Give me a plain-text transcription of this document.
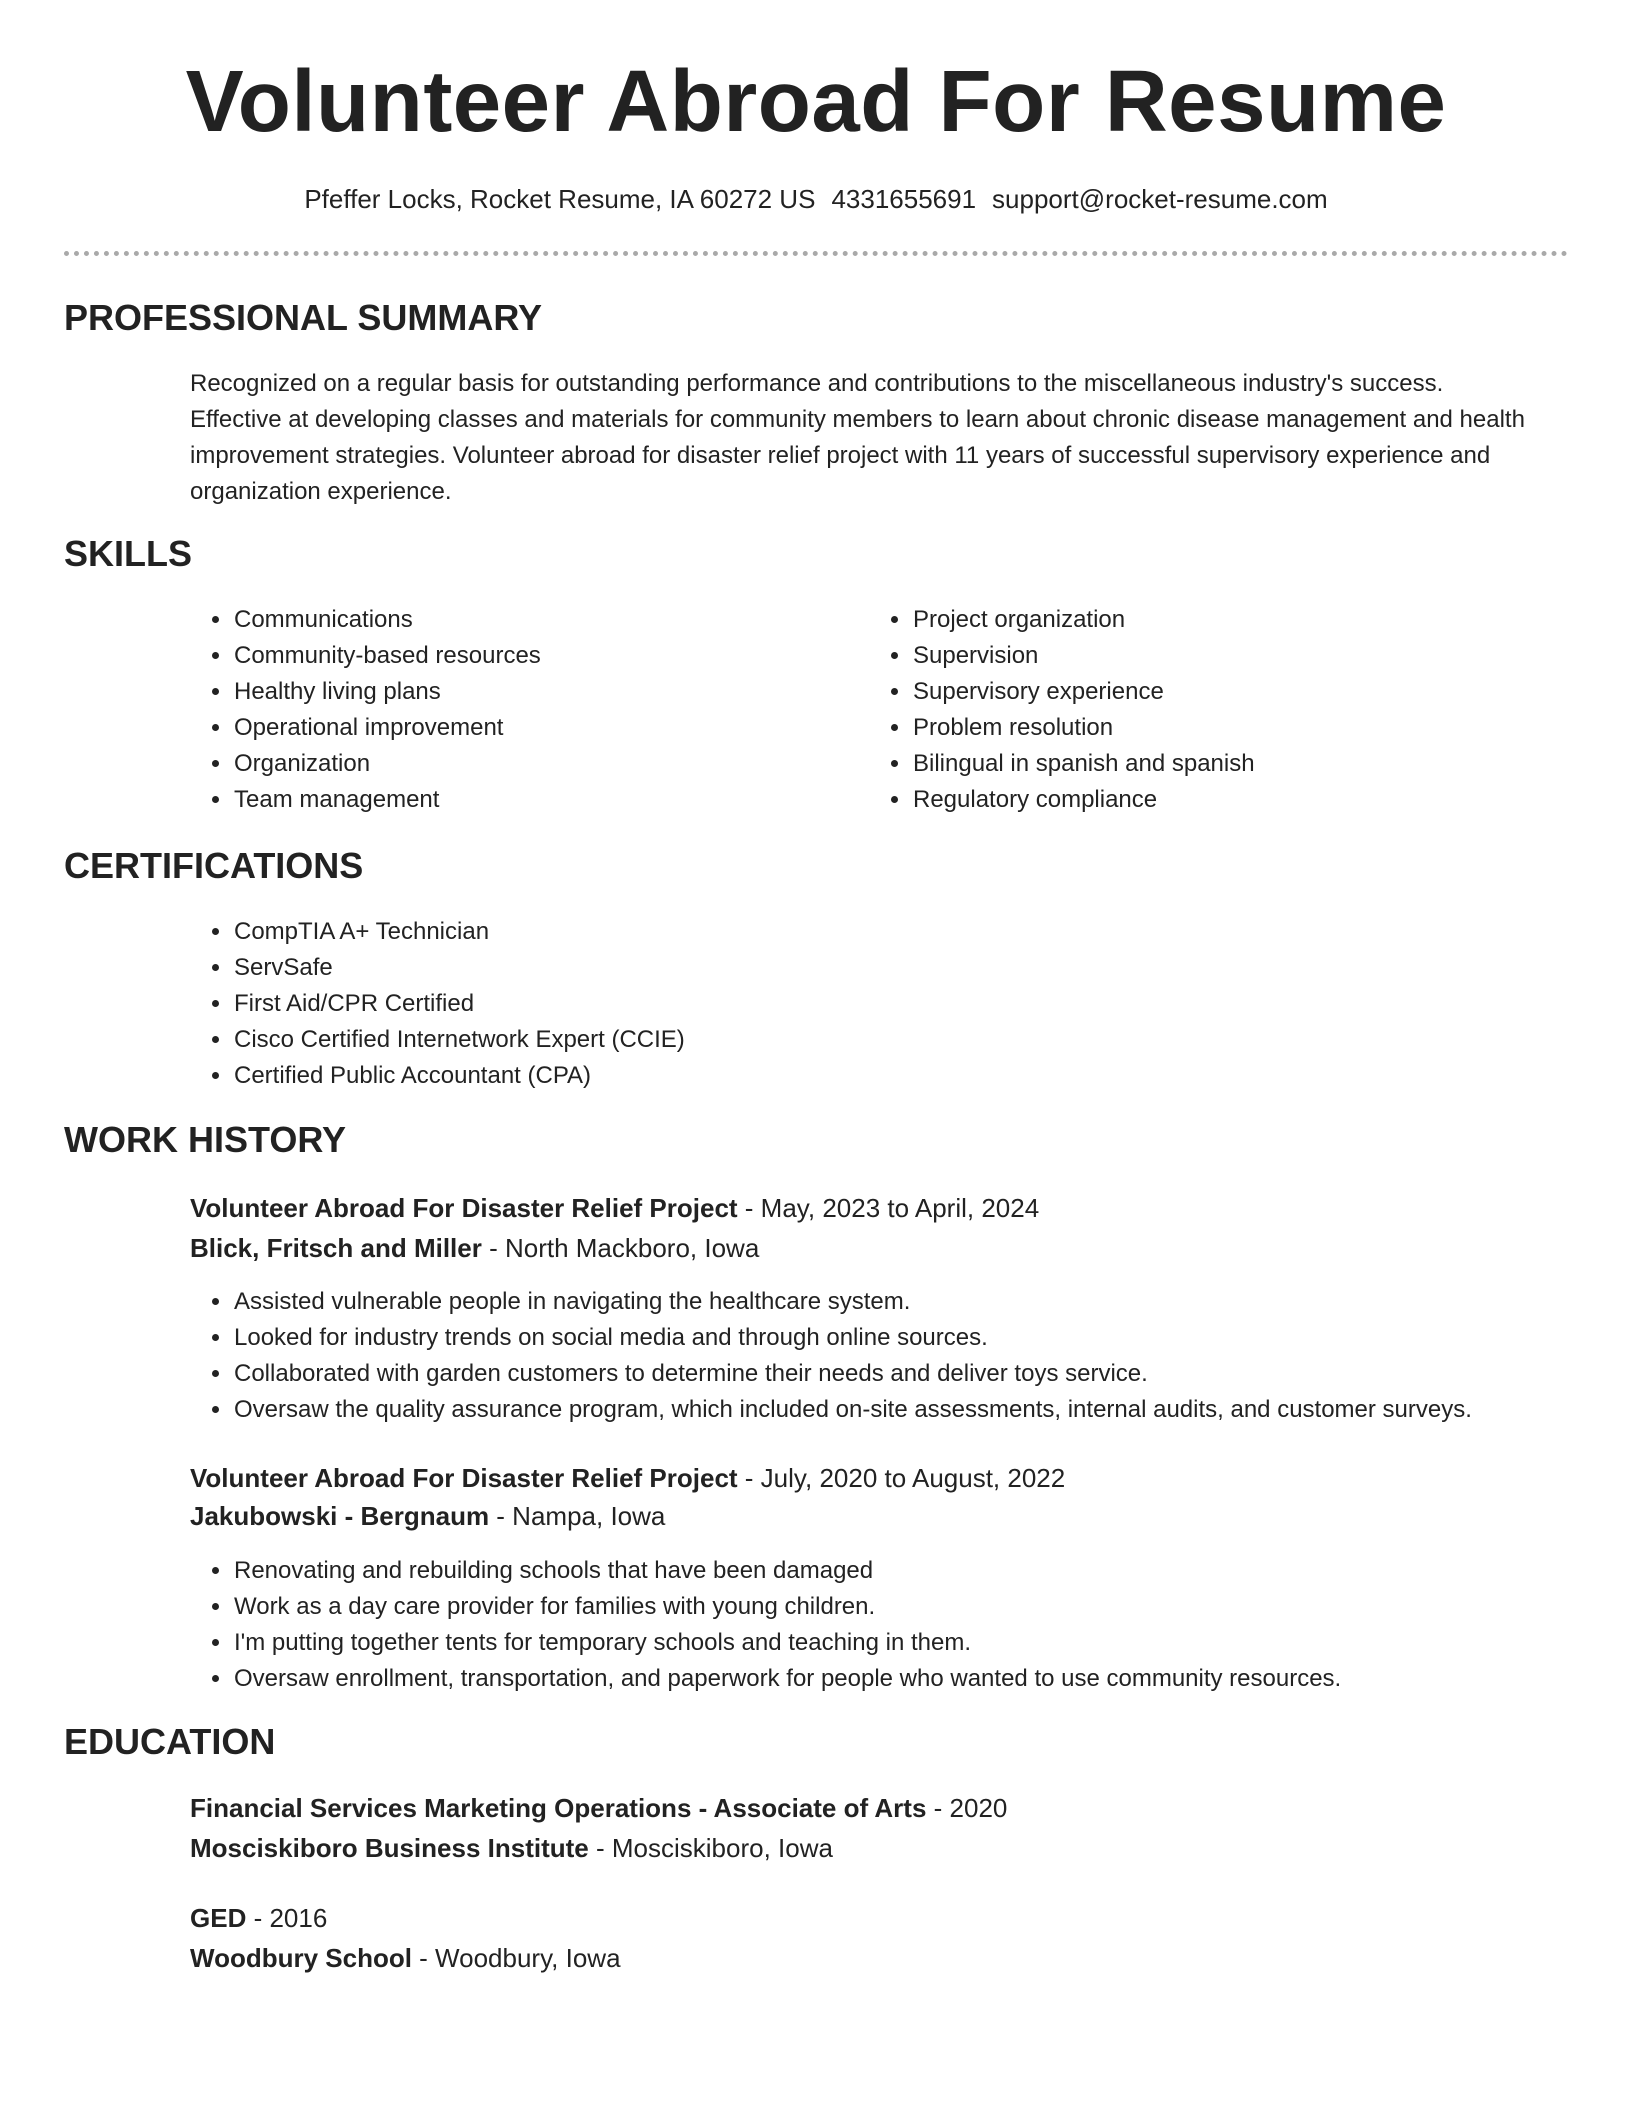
Volunteer Abroad For Resume
Pfeffer Locks, Rocket Resume, IA 60272 US 4331655691 support@rocket-resume.com
PROFESSIONAL SUMMARY

Recognized on a regular basis for outstanding performance and contributions to the miscellaneous industry's success. Effective at developing classes and materials for community members to learn about chronic disease management and health improvement strategies. Volunteer abroad for disaster relief project with 11 years of successful supervisory experience and organization experience.

SKILLS
• Communications
• Community-based resources
• Healthy living plans
• Operational improvement
• Organization
• Team management
• Project organization
• Supervision
• Supervisory experience
• Problem resolution
• Bilingual in spanish and spanish
• Regulatory compliance
CERTIFICATIONS
• CompTIA A+ Technician
• ServSafe
• First Aid/CPR Certified
• Cisco Certified Internetwork Expert (CCIE)
• Certified Public Accountant (CPA)
WORK HISTORY
Volunteer Abroad For Disaster Relief Project - May, 2023 to April, 2024
Blick, Fritsch and Miller - North Mackboro, Iowa
• Assisted vulnerable people in navigating the healthcare system.
• Looked for industry trends on social media and through online sources.
• Collaborated with garden customers to determine their needs and deliver toys service.
• Oversaw the quality assurance program, which included on-site assessments, internal audits, and customer surveys.
Volunteer Abroad For Disaster Relief Project - July, 2020 to August, 2022
Jakubowski - Bergnaum - Nampa, Iowa
• Renovating and rebuilding schools that have been damaged
• Work as a day care provider for families with young children.
• I'm putting together tents for temporary schools and teaching in them.
• Oversaw enrollment, transportation, and paperwork for people who wanted to use community resources.
EDUCATION
Financial Services Marketing Operations - Associate of Arts - 2020
Mosciskiboro Business Institute - Mosciskiboro, Iowa
GED - 2016
Woodbury School - Woodbury, Iowa
